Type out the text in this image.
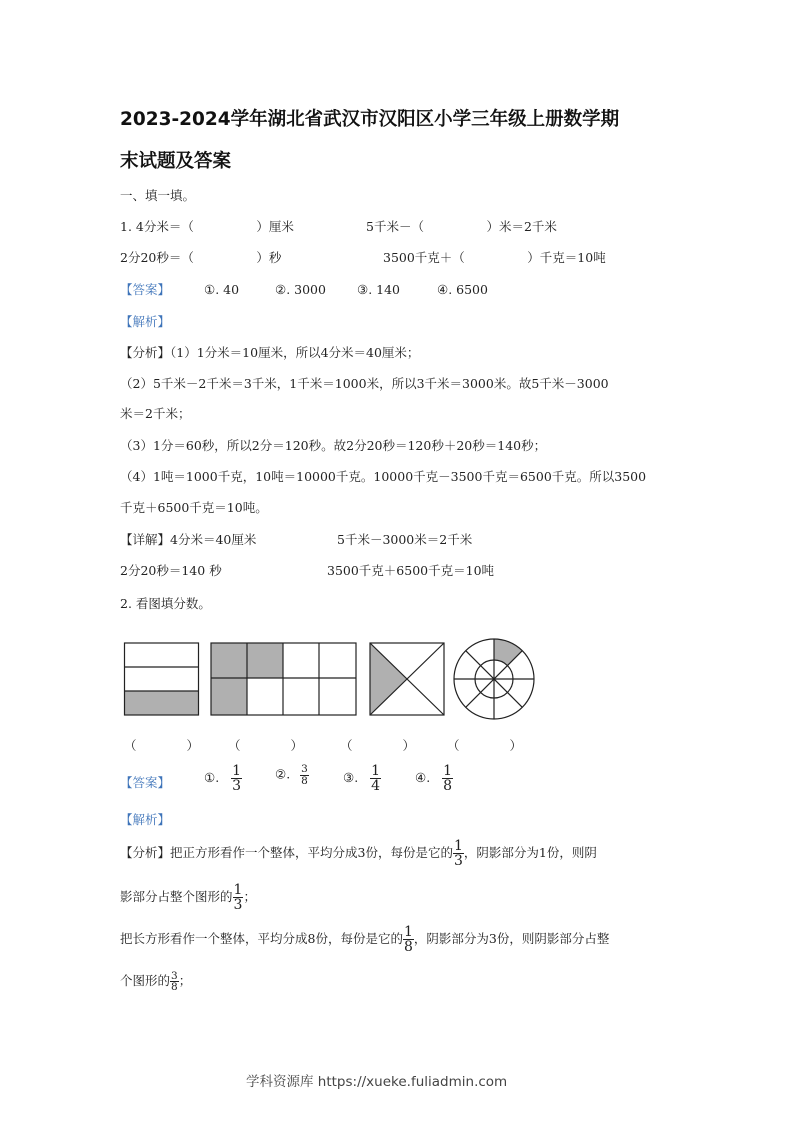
2023-2024学年湖北省武汉市汉阳区小学三年级上册数学期
末试题及答案
一、填一填。
1. 4分米＝（　　　　　）厘米	5千米－（　　　　　）米＝2千米
2分20秒＝（　　　　　）秒	3500千克＋（　　　　　）千克＝10吨
【答案】	①. 40	②. 3000 ③. 140	④. 6500
【解析】
【分析】（1）1分米＝10厘米，所以4分米＝40厘米；
（2）5千米－2千米＝3千米，1千米＝1000米，所以3千米＝3000米。故5千米－3000
米＝2千米；
（3）1分＝60秒，所以2分＝120秒。故2分20秒＝120秒＋20秒＝140秒；
（4）1吨＝1000千克，10吨＝10000千克。10000千克－3500千克＝6500千克。所以3500
千克＋6500千克＝10吨。
【详解】4分米＝40厘米	5千米－3000米＝2千米
2分20秒＝140 秒	3500千克＋6500千克＝10吨
2. 看图填分数。
（　　　　） （　　　　）	（　　　　）	（　　　　）
【答案】	①. $\frac{1}{3}$	②. $\frac{3}{8}$	③. $\frac{1}{4}$	④. $\frac{1}{8}$
【解析】
【分析】把正方形看作一个整体，平均分成3份，每份是它的 $\frac{1}{3}$ ，阴影部分为1份，则阴
影部分占整个图形的 $\frac{1}{3}$ ；
把长方形看作一个整体，平均分成8份，每份是它的 $\frac{1}{8}$ ，阴影部分为3份，则阴影部分占整
个图形的 $\frac{3}{8}$ ；
学科资源库 https://xueke.fuliadmin.com
